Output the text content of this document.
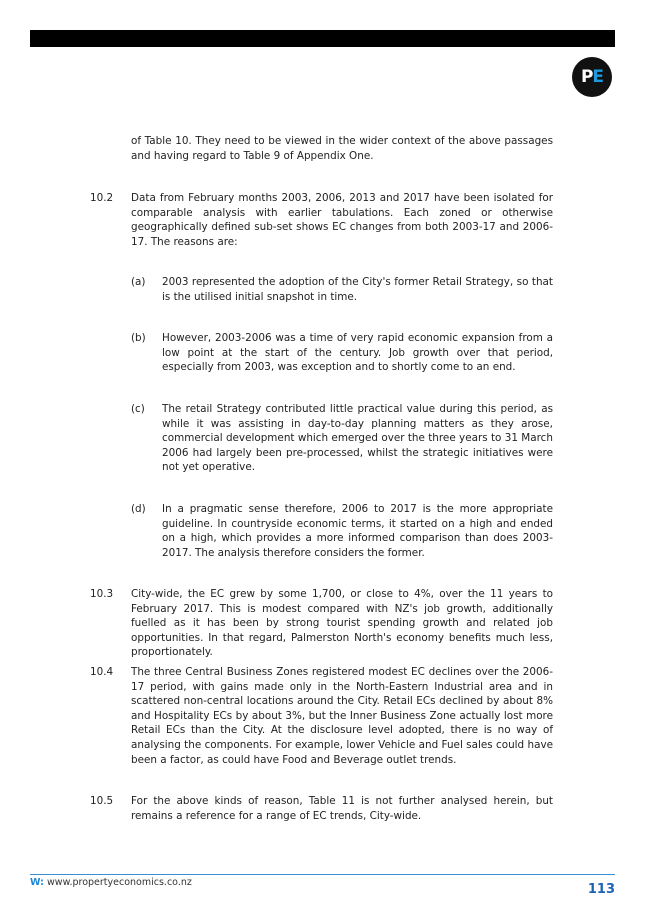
P E
of Table 10. They need to be viewed in the wider context of the above passages and having regard to Table 9 of Appendix One.
10.2	Data from February months 2003, 2006, 2013 and 2017 have been isolated for comparable analysis with earlier tabulations. Each zoned or otherwise geographically defined sub-set shows EC changes from both 2003-17 and 2006-17. The reasons are:
(a)	2003 represented the adoption of the City's former Retail Strategy, so that is the utilised initial snapshot in time.
(b)	However, 2003-2006 was a time of very rapid economic expansion from a low point at the start of the century. Job growth over that period, especially from 2003, was exception and to shortly come to an end.
(c)	The retail Strategy contributed little practical value during this period, as while it was assisting in day-to-day planning matters as they arose, commercial development which emerged over the three years to 31 March 2006 had largely been pre-processed, whilst the strategic initiatives were not yet operative.
(d)	In a pragmatic sense therefore, 2006 to 2017 is the more appropriate guideline. In countryside economic terms, it started on a high and ended on a high, which provides a more informed comparison than does 2003-2017. The analysis therefore considers the former.
10.3	City-wide, the EC grew by some 1,700, or close to 4%, over the 11 years to February 2017. This is modest compared with NZ's job growth, additionally fuelled as it has been by strong tourist spending growth and related job opportunities. In that regard, Palmerston North's economy benefits much less, proportionately.
10.4	The three Central Business Zones registered modest EC declines over the 2006-17 period, with gains made only in the North-Eastern Industrial area and in scattered non-central locations around the City. Retail ECs declined by about 8% and Hospitality ECs by about 3%, but the Inner Business Zone actually lost more Retail ECs than the City. At the disclosure level adopted, there is no way of analysing the components. For example, lower Vehicle and Fuel sales could have been a factor, as could have Food and Beverage outlet trends.
10.5	For the above kinds of reason, Table 11 is not further analysed herein, but remains a reference for a range of EC trends, City-wide.
W: www.propertyeconomics.co.nz	113
